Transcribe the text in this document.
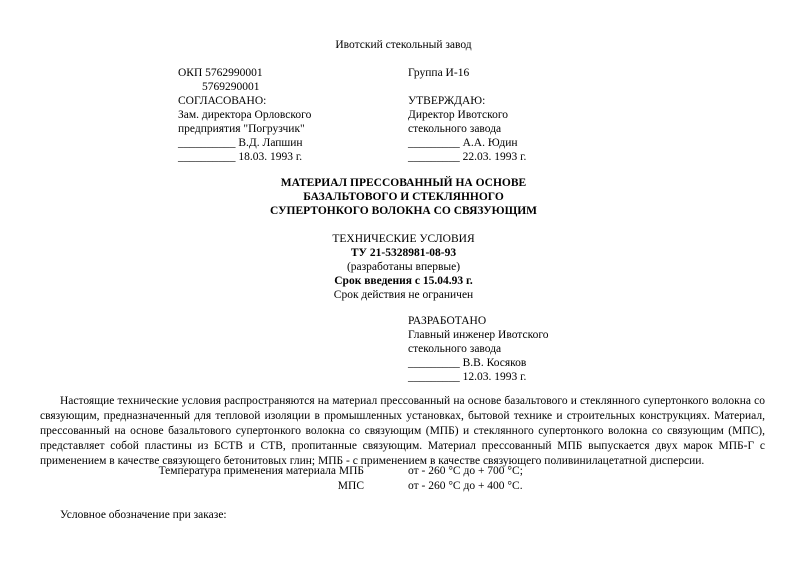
Ивотский стекольный завод
ОКП 5762990001
5769290001
СОГЛАСОВАНО:
Зам. директора Орловского
предприятия "Погрузчик"
__________ В.Д. Лапшин
__________ 18.03. 1993 г.
Группа И-16

УТВЕРЖДАЮ:
Директор Ивотского
стекольного завода
_________ А.А. Юдин
_________ 22.03. 1993 г.
МАТЕРИАЛ ПРЕССОВАННЫЙ НА ОСНОВЕ
БАЗАЛЬТОВОГО И СТЕКЛЯННОГО
СУПЕРТОНКОГО ВОЛОКНА СО СВЯЗУЮЩИМ
ТЕХНИЧЕСКИЕ УСЛОВИЯ
ТУ 21-5328981-08-93
(разработаны впервые)
Срок введения с 15.04.93 г.
Срок действия не ограничен
РАЗРАБОТАНО
Главный инженер Ивотского
стекольного завода
_________ В.В. Косяков
_________ 12.03. 1993 г.
Настоящие технические условия распространяются на материал прессованный на основе базальтового и стеклянного супертонкого волокна со связующим, предназначенный для тепловой изоляции в промышленных установках, бытовой технике и строительных конструкциях. Материал, прессованный на основе базальтового супертонкого волокна со связующим (МПБ) и стеклянного супертонкого волокна со связующим (МПС), представляет собой пластины из БСТВ и СТВ, пропитанные связующим. Материал прессованный МПБ выпускается двух марок МПБ-Г с применением в качестве связующего бетонитовых глин; МПБ - с применением в качестве связующего поливинилацетатной дисперсии.
Температура применения материала МПБ	от - 260 °С до + 700 °С;
МПС	от - 260 °С до + 400 °С.
Условное обозначение при заказе:
